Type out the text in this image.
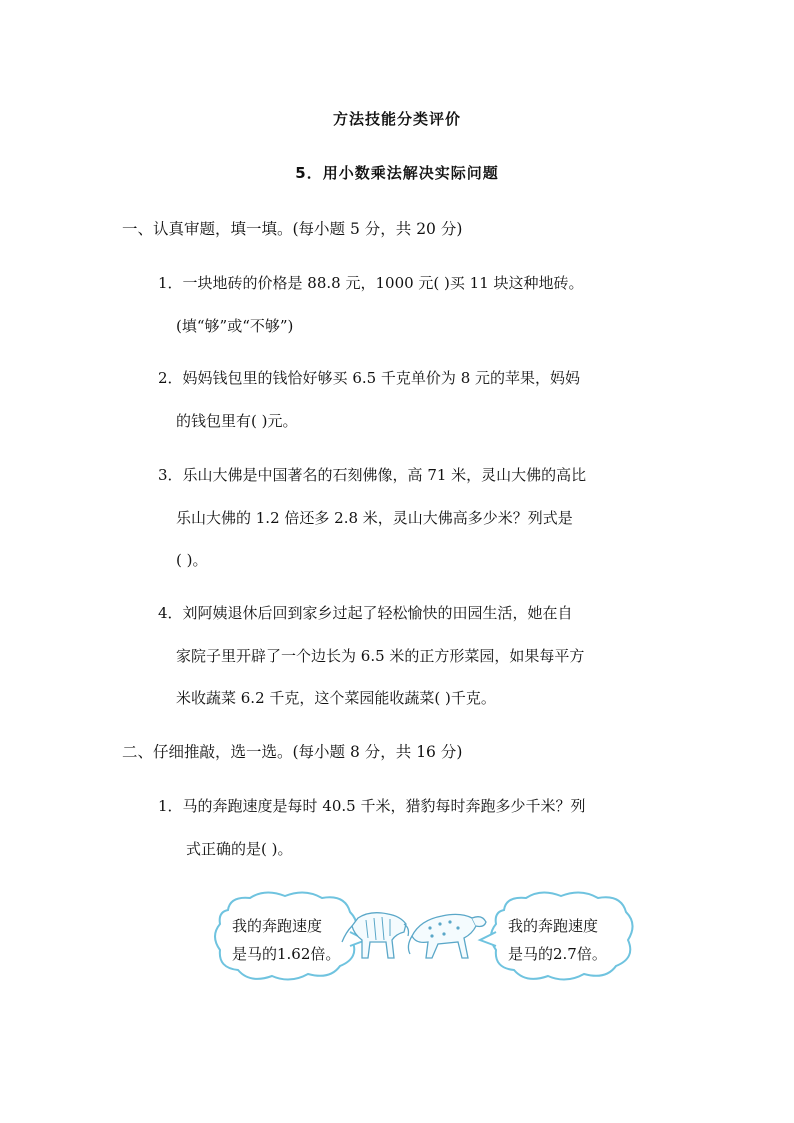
方法技能分类评价
5．用小数乘法解决实际问题
一、认真审题，填一填。(每小题 5 分，共 20 分)
1．一块地砖的价格是 88.8 元，1000 元( )买 11 块这种地砖。
(填“够”或“不够”)
2．妈妈钱包里的钱恰好够买 6.5 千克单价为 8 元的苹果，妈妈
的钱包里有( )元。
3．乐山大佛是中国著名的石刻佛像，高 71 米，灵山大佛的高比
乐山大佛的 1.2 倍还多 2.8 米，灵山大佛高多少米？列式是
( )。
4．刘阿姨退休后回到家乡过起了轻松愉快的田园生活，她在自
家院子里开辟了一个边长为 6.5 米的正方形菜园，如果每平方
米收蔬菜 6.2 千克，这个菜园能收蔬菜( )千克。
二、仔细推敲，选一选。(每小题 8 分，共 16 分)
1．马的奔跑速度是每时 40.5 千米，猎豹每时奔跑多少千米？列
式正确的是( )。
我的奔跑速度
是马的1.62倍。
我的奔跑速度
是马的2.7倍。
